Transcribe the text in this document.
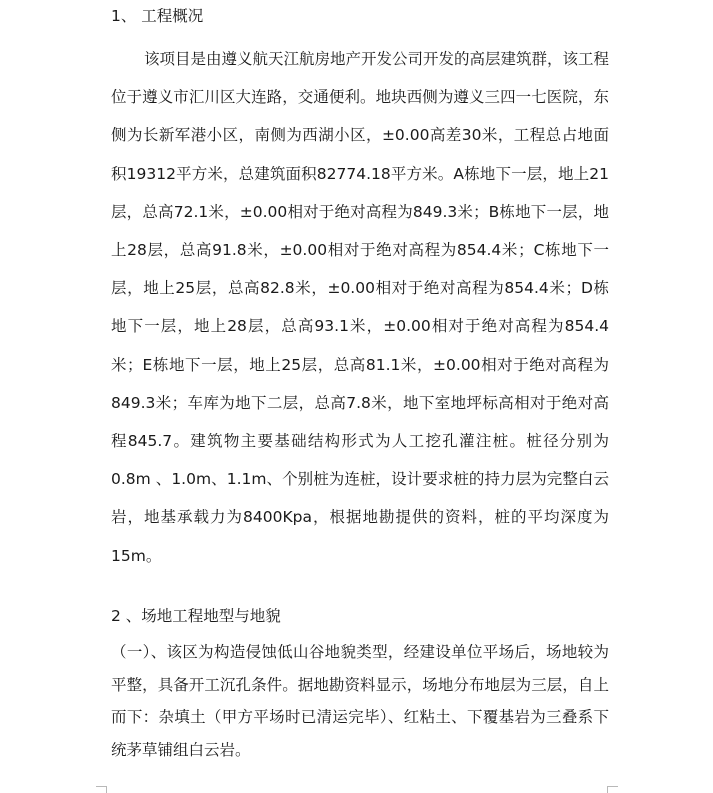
1、 工程概况
该项目是由遵义航天江航房地产开发公司开发的高层建筑群，该工程位于遵义市汇川区大连路，交通便利。地块西侧为遵义三四一七医院，东侧为长新军港小区，南侧为西湖小区，±0.00高差30米，工程总占地面积19312平方米，总建筑面积82774.18平方米。A栋地下一层，地上21层，总高72.1米，±0.00相对于绝对高程为849.3米；B栋地下一层，地上28层，总高91.8米，±0.00相对于绝对高程为854.4米；C栋地下一层，地上25层，总高82.8米，±0.00相对于绝对高程为854.4米；D栋地下一层，地上28层，总高93.1米，±0.00相对于绝对高程为854.4米；E栋地下一层，地上25层，总高81.1米，±0.00相对于绝对高程为849.3米；车库为地下二层，总高7.8米，地下室地坪标高相对于绝对高程845.7。建筑物主要基础结构形式为人工挖孔灌注桩。桩径分别为0.8m 、1.0m、1.1m、个别桩为连桩，设计要求桩的持力层为完整白云岩，地基承载力为8400Kpa，根据地勘提供的资料，桩的平均深度为15m。
2 、场地工程地型与地貌
（一）、该区为构造侵蚀低山谷地貌类型，经建设单位平场后，场地较为平整，具备开工沉孔条件。据地勘资料显示，场地分布地层为三层，自上而下：杂填土（甲方平场时已清运完毕）、红粘土、下覆基岩为三叠系下统茅草铺组白云岩。
